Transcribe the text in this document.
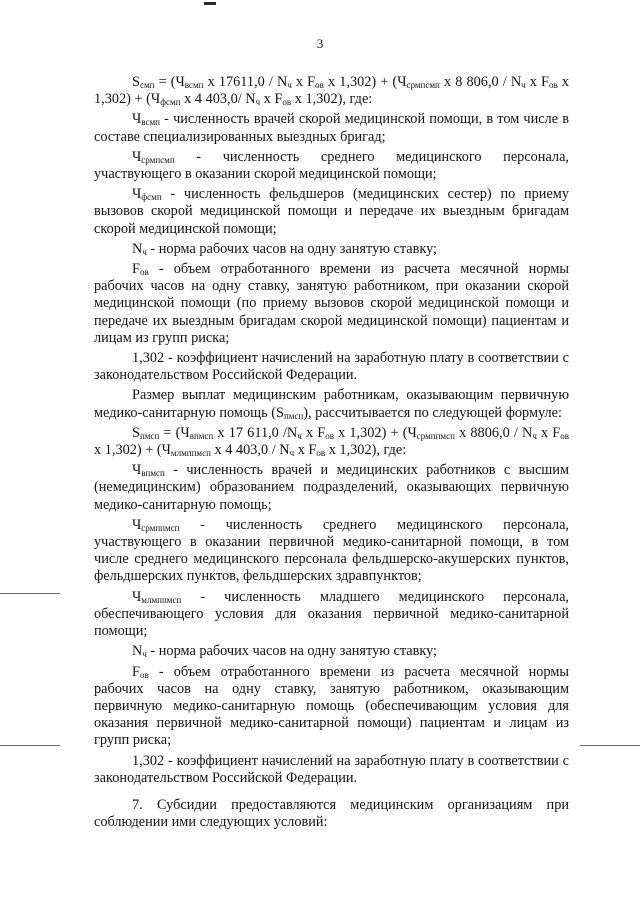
3

$S_{смп} = (Ч_{всмп}$ х $17611,0 / N_ч$ х $F_{ов}$ х $1,302) + (Ч_{срмпсмп}$ х 8 $806,0 / N_ч$ х $F_{ов}$ х $1,302) + (Ч_{фсмп}$ х 4 403,0/ $N_ч$ х $F_{ов}$ х 1,302), где:

$Ч_{всмп}$ - численность врачей скорой медицинской помощи, в том числе в составе специализированных выездных бригад;

$Ч_{срмпсмп}$ - численность среднего медицинского персонала, участвующего в оказании скорой медицинской помощи;

$Ч_{фсмп}$ - численность фельдшеров (медицинских сестер) по приему вызовов скорой медицинской помощи и передаче их выездным бригадам скорой медицинской помощи;

$N_ч$ - норма рабочих часов на одну занятую ставку;

$F_{ов}$ - объем отработанного времени из расчета месячной нормы рабочих часов на одну ставку, занятую работником, при оказании скорой медицинской помощи (по приему вызовов скорой медицинской помощи и передаче их выездным бригадам скорой медицинской помощи) пациентам и лицам из групп риска;

1,302 - коэффициент начислений на заработную плату в соответствии с законодательством Российской Федерации.

Размер выплат медицинским работникам, оказывающим первичную медико-санитарную помощь $(S_{пмсп})$, рассчитывается по следующей формуле:

$S_{пмсп} = (Ч_{впмсп}$ х 17 611,0 $/N_ч$ х $F_{ов}$ х $1,302) + (Ч_{срмппмсп}$ х $8806,0 / N_ч$ х $F_{ов}$ х $1,302) + (Ч_{млмппмсп}$ х 4 $403,0 / N_ч$ х $F_{ов}$ х 1,302), где:

$Ч_{впмсп}$ - численность врачей и медицинских работников с высшим (немедицинским) образованием подразделений, оказывающих первичную медико-санитарную помощь;

$Ч_{срмппмсп}$ - численность среднего медицинского персонала, участвующего в оказании первичной медико-санитарной помощи, в том числе среднего медицинского персонала фельдшерско-акушерских пунктов, фельдшерских пунктов, фельдшерских здравпунктов;

$Ч_{млмппмсп}$ - численность младшего медицинского персонала, обеспечивающего условия для оказания первичной медико-санитарной помощи;

$N_ч$ - норма рабочих часов на одну занятую ставку;

$F_{ов}$ - объем отработанного времени из расчета месячной нормы рабочих часов на одну ставку, занятую работником, оказывающим первичную медико-санитарную помощь (обеспечивающим условия для оказания первичной медико-санитарной помощи) пациентам и лицам из групп риска;

1,302 - коэффициент начислений на заработную плату в соответствии с законодательством Российской Федерации.

7. Субсидии предоставляются медицинским организациям при соблюдении ими следующих условий:
